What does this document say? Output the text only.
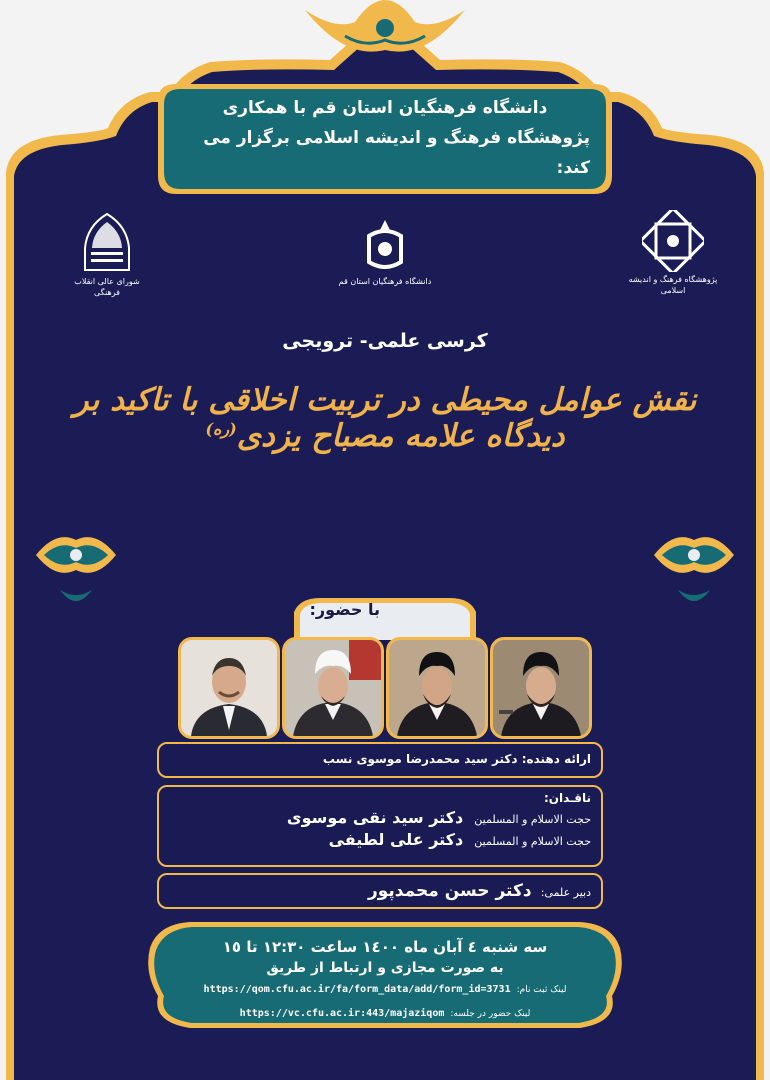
دانشگاه فرهنگیان استان قم با همکاری
پژوهشگاه فرهنگ و اندیشه اسلامی برگزار می کند:
شورای عالی انقلاب فرهنگی
دانشگاه فرهنگیان استان قم	پژوهشگاه فرهنگ و اندیشه اسلامی
کرسی علمی- ترویجی
نقش عوامل محیطی در تربیت اخلاقی با تاکید بر دیدگاه علامه مصباح یزدی$^{(ره)}$
با حضور:
ارائه دهنده: دکتر سید محمدرضا موسوی نسب
ناقـدان:
حجت الاسلام و المسلمین دکتر سید نقی موسوی
حجت الاسلام و المسلمین دکتر علی لطیفی
دبیر علمی: دکتر حسن محمدپور
سه شنبه ٤ آبان ماه ١٤٠٠ ساعت ١٢:٣٠ تا ١٥
به صورت مجازی و ارتباط از طریق
لینک ثبت نام:
https://qom.cfu.ac.ir/fa/form_data/add/form_id=3731
لینک حضور در جلسه:
https://vc.cfu.ac.ir:443/majaziqom
